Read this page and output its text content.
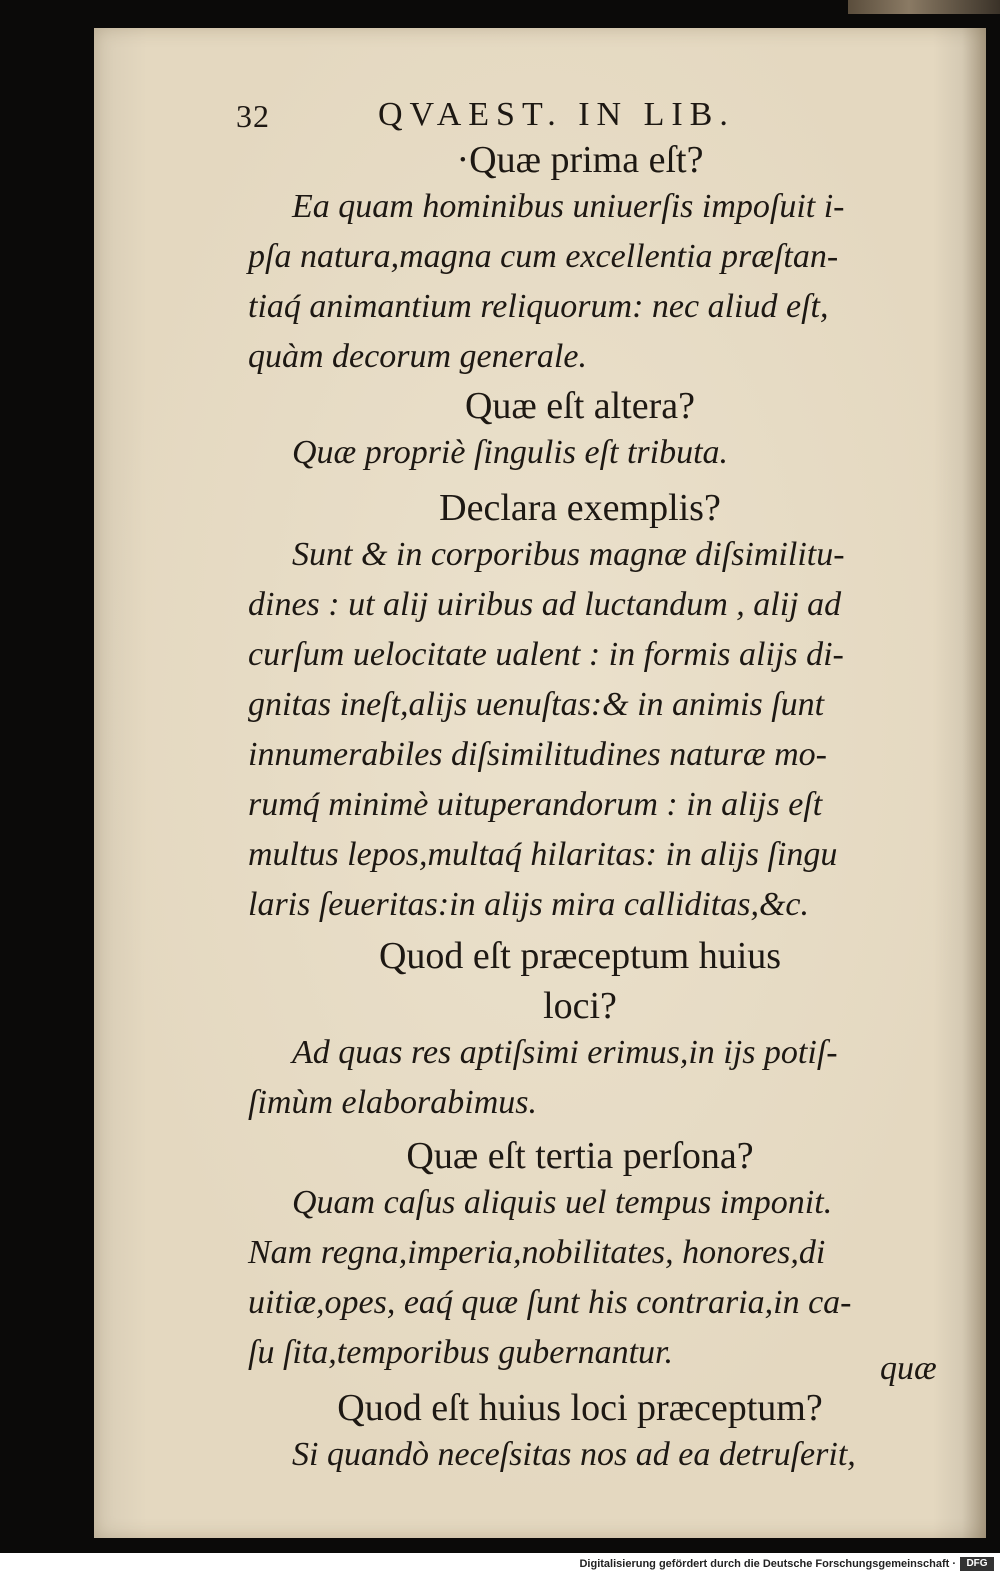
32	QVAEST. IN LIB.
·Quæ prima eſt?
Ea quam hominibus uniuerſis impoſuit i-
pſa natura,magna cum excellentia præſtan-
tiaq́ animantium reliquorum: nec aliud eſt,
quàm decorum generale.
Quæ eſt altera?
Quæ propriè ſingulis eſt tributa.
Declara exemplis?
Sunt & in corporibus magnæ diſsimilitu-
dines : ut alij uiribus ad luctandum , alij ad
curſum uelocitate ualent : in formis alijs di-
gnitas ineſt,alijs uenuſtas:& in animis ſunt
innumerabiles diſsimilitudines naturæ mo-
rumq́ minimè uituperandorum : in alijs eſt
multus lepos,multaq́ hilaritas: in alijs ſingu
laris ſeueritas:in alijs mira calliditas,&c.
Quod eſt præceptum huius
loci?
Ad quas res aptiſsimi erimus,in ijs potiſ-
ſimùm elaborabimus.
Quæ eſt tertia perſona?
Quam caſus aliquis uel tempus imponit.
Nam regna,imperia,nobilitates, honores,di
uitiæ,opes, eaq́ quæ ſunt his contraria,in ca-
ſu ſita,temporibus gubernantur.
Quod eſt huius loci præceptum?
Si quandò neceſsitas nos ad ea detruſerit,
quæ
Digitalisierung gefördert durch die Deutsche Forschungsgemeinschaft ·	DFG
